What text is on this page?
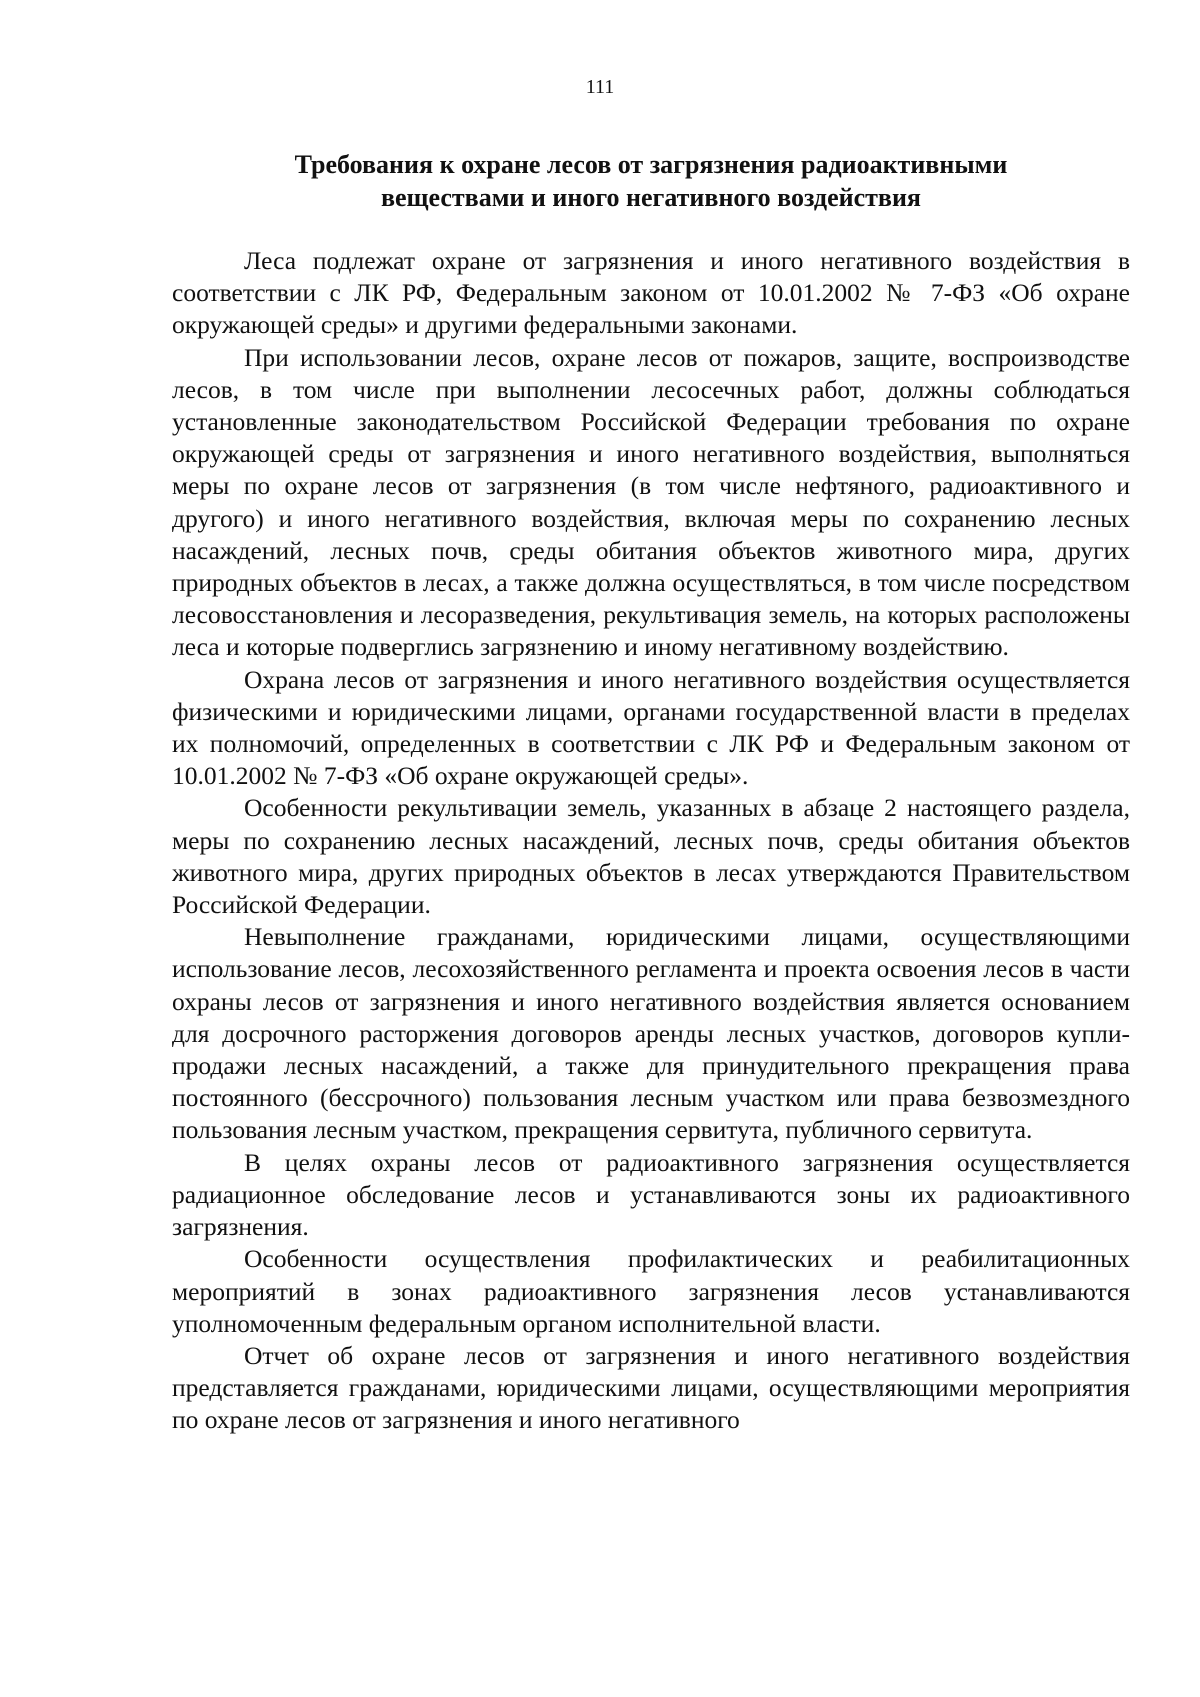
111
Требования к охране лесов от загрязнения радиоактивными
веществами и иного негативного воздействия

Леса подлежат охране от загрязнения и иного негативного воздействия в соответствии с ЛК РФ, Федеральным законом от 10.01.2002 № 7-ФЗ «Об охране окружающей среды» и другими федеральными законами.

При использовании лесов, охране лесов от пожаров, защите, воспроизводстве лесов, в том числе при выполнении лесосечных работ, должны соблюдаться установленные законодательством Российской Федерации требования по охране окружающей среды от загрязнения и иного негативного воздействия, выполняться меры по охране лесов от загрязнения (в том числе нефтяного, радиоактивного и другого) и иного негативного воздействия, включая меры по сохранению лесных насаждений, лесных почв, среды обитания объектов животного мира, других природных объектов в лесах, а также должна осуществляться, в том числе посредством лесовосстановления и лесоразведения, рекультивация земель, на которых расположены леса и которые подверглись загрязнению и иному негативному воздействию.

Охрана лесов от загрязнения и иного негативного воздействия осуществляется физическими и юридическими лицами, органами государственной власти в пределах их полномочий, определенных в соответствии с ЛК РФ и Федеральным законом от 10.01.2002 № 7-ФЗ «Об охране окружающей среды».

Особенности рекультивации земель, указанных в абзаце 2 настоящего раздела, меры по сохранению лесных насаждений, лесных почв, среды обитания объектов животного мира, других природных объектов в лесах утверждаются Правительством Российской Федерации.

Невыполнение гражданами, юридическими лицами, осуществляющими использование лесов, лесохозяйственного регламента и проекта освоения лесов в части охраны лесов от загрязнения и иного негативного воздействия является основанием для досрочного расторжения договоров аренды лесных участков, договоров купли-продажи лесных насаждений, а также для принудительного прекращения права постоянного (бессрочного) пользования лесным участком или права безвозмездного пользования лесным участком, прекращения сервитута, публичного сервитута.

В целях охраны лесов от радиоактивного загрязнения осуществляется радиационное обследование лесов и устанавливаются зоны их радиоактивного загрязнения.

Особенности осуществления профилактических и реабилитационных мероприятий в зонах радиоактивного загрязнения лесов устанавливаются уполномоченным федеральным органом исполнительной власти.

Отчет об охране лесов от загрязнения и иного негативного воздействия представляется гражданами, юридическими лицами, осуществляющими мероприятия по охране лесов от загрязнения и иного негативного
